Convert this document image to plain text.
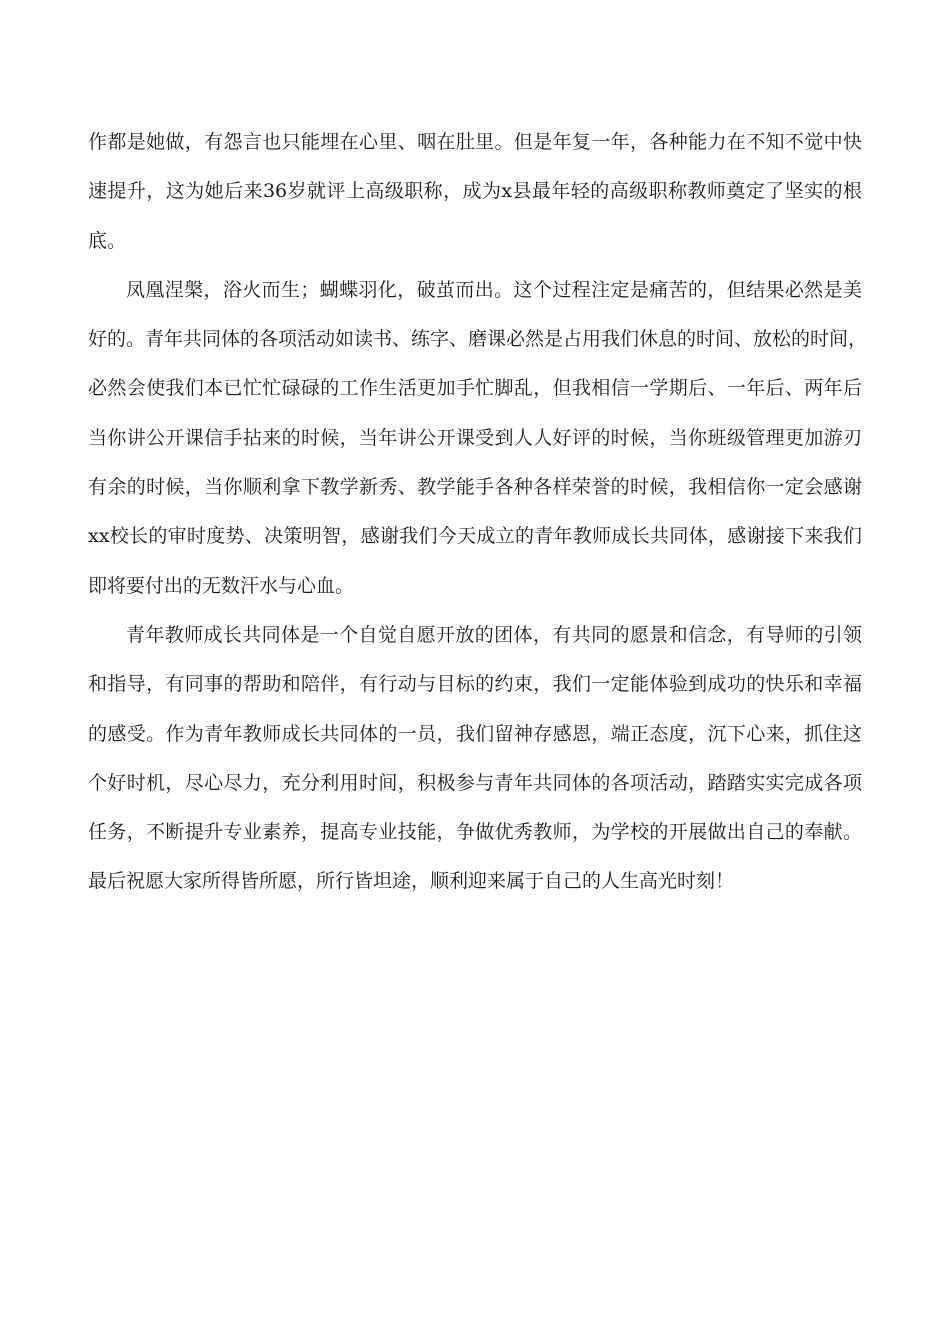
作都是她做，有怨言也只能埋在心里、咽在肚里。但是年复一年，各种能力在不知不觉中快
速提升，这为她后来36岁就评上高级职称，成为x县最年轻的高级职称教师奠定了坚实的根
底。
凤凰涅槃，浴火而生；蝴蝶羽化，破茧而出。这个过程注定是痛苦的，但结果必然是美
好的。青年共同体的各项活动如读书、练字、磨课必然是占用我们休息的时间、放松的时间，
必然会使我们本已忙忙碌碌的工作生活更加手忙脚乱，但我相信一学期后、一年后、两年后
当你讲公开课信手拈来的时候，当年讲公开课受到人人好评的时候，当你班级管理更加游刃
有余的时候，当你顺利拿下教学新秀、教学能手各种各样荣誉的时候，我相信你一定会感谢
xx校长的审时度势、决策明智，感谢我们今天成立的青年教师成长共同体，感谢接下来我们
即将要付出的无数汗水与心血。
青年教师成长共同体是一个自觉自愿开放的团体，有共同的愿景和信念，有导师的引领
和指导，有同事的帮助和陪伴，有行动与目标的约束，我们一定能体验到成功的快乐和幸福
的感受。作为青年教师成长共同体的一员，我们留神存感恩，端正态度，沉下心来，抓住这
个好时机，尽心尽力，充分利用时间，积极参与青年共同体的各项活动，踏踏实实完成各项
任务，不断提升专业素养，提高专业技能，争做优秀教师，为学校的开展做出自己的奉献。
最后祝愿大家所得皆所愿，所行皆坦途，顺利迎来属于自己的人生高光时刻！
